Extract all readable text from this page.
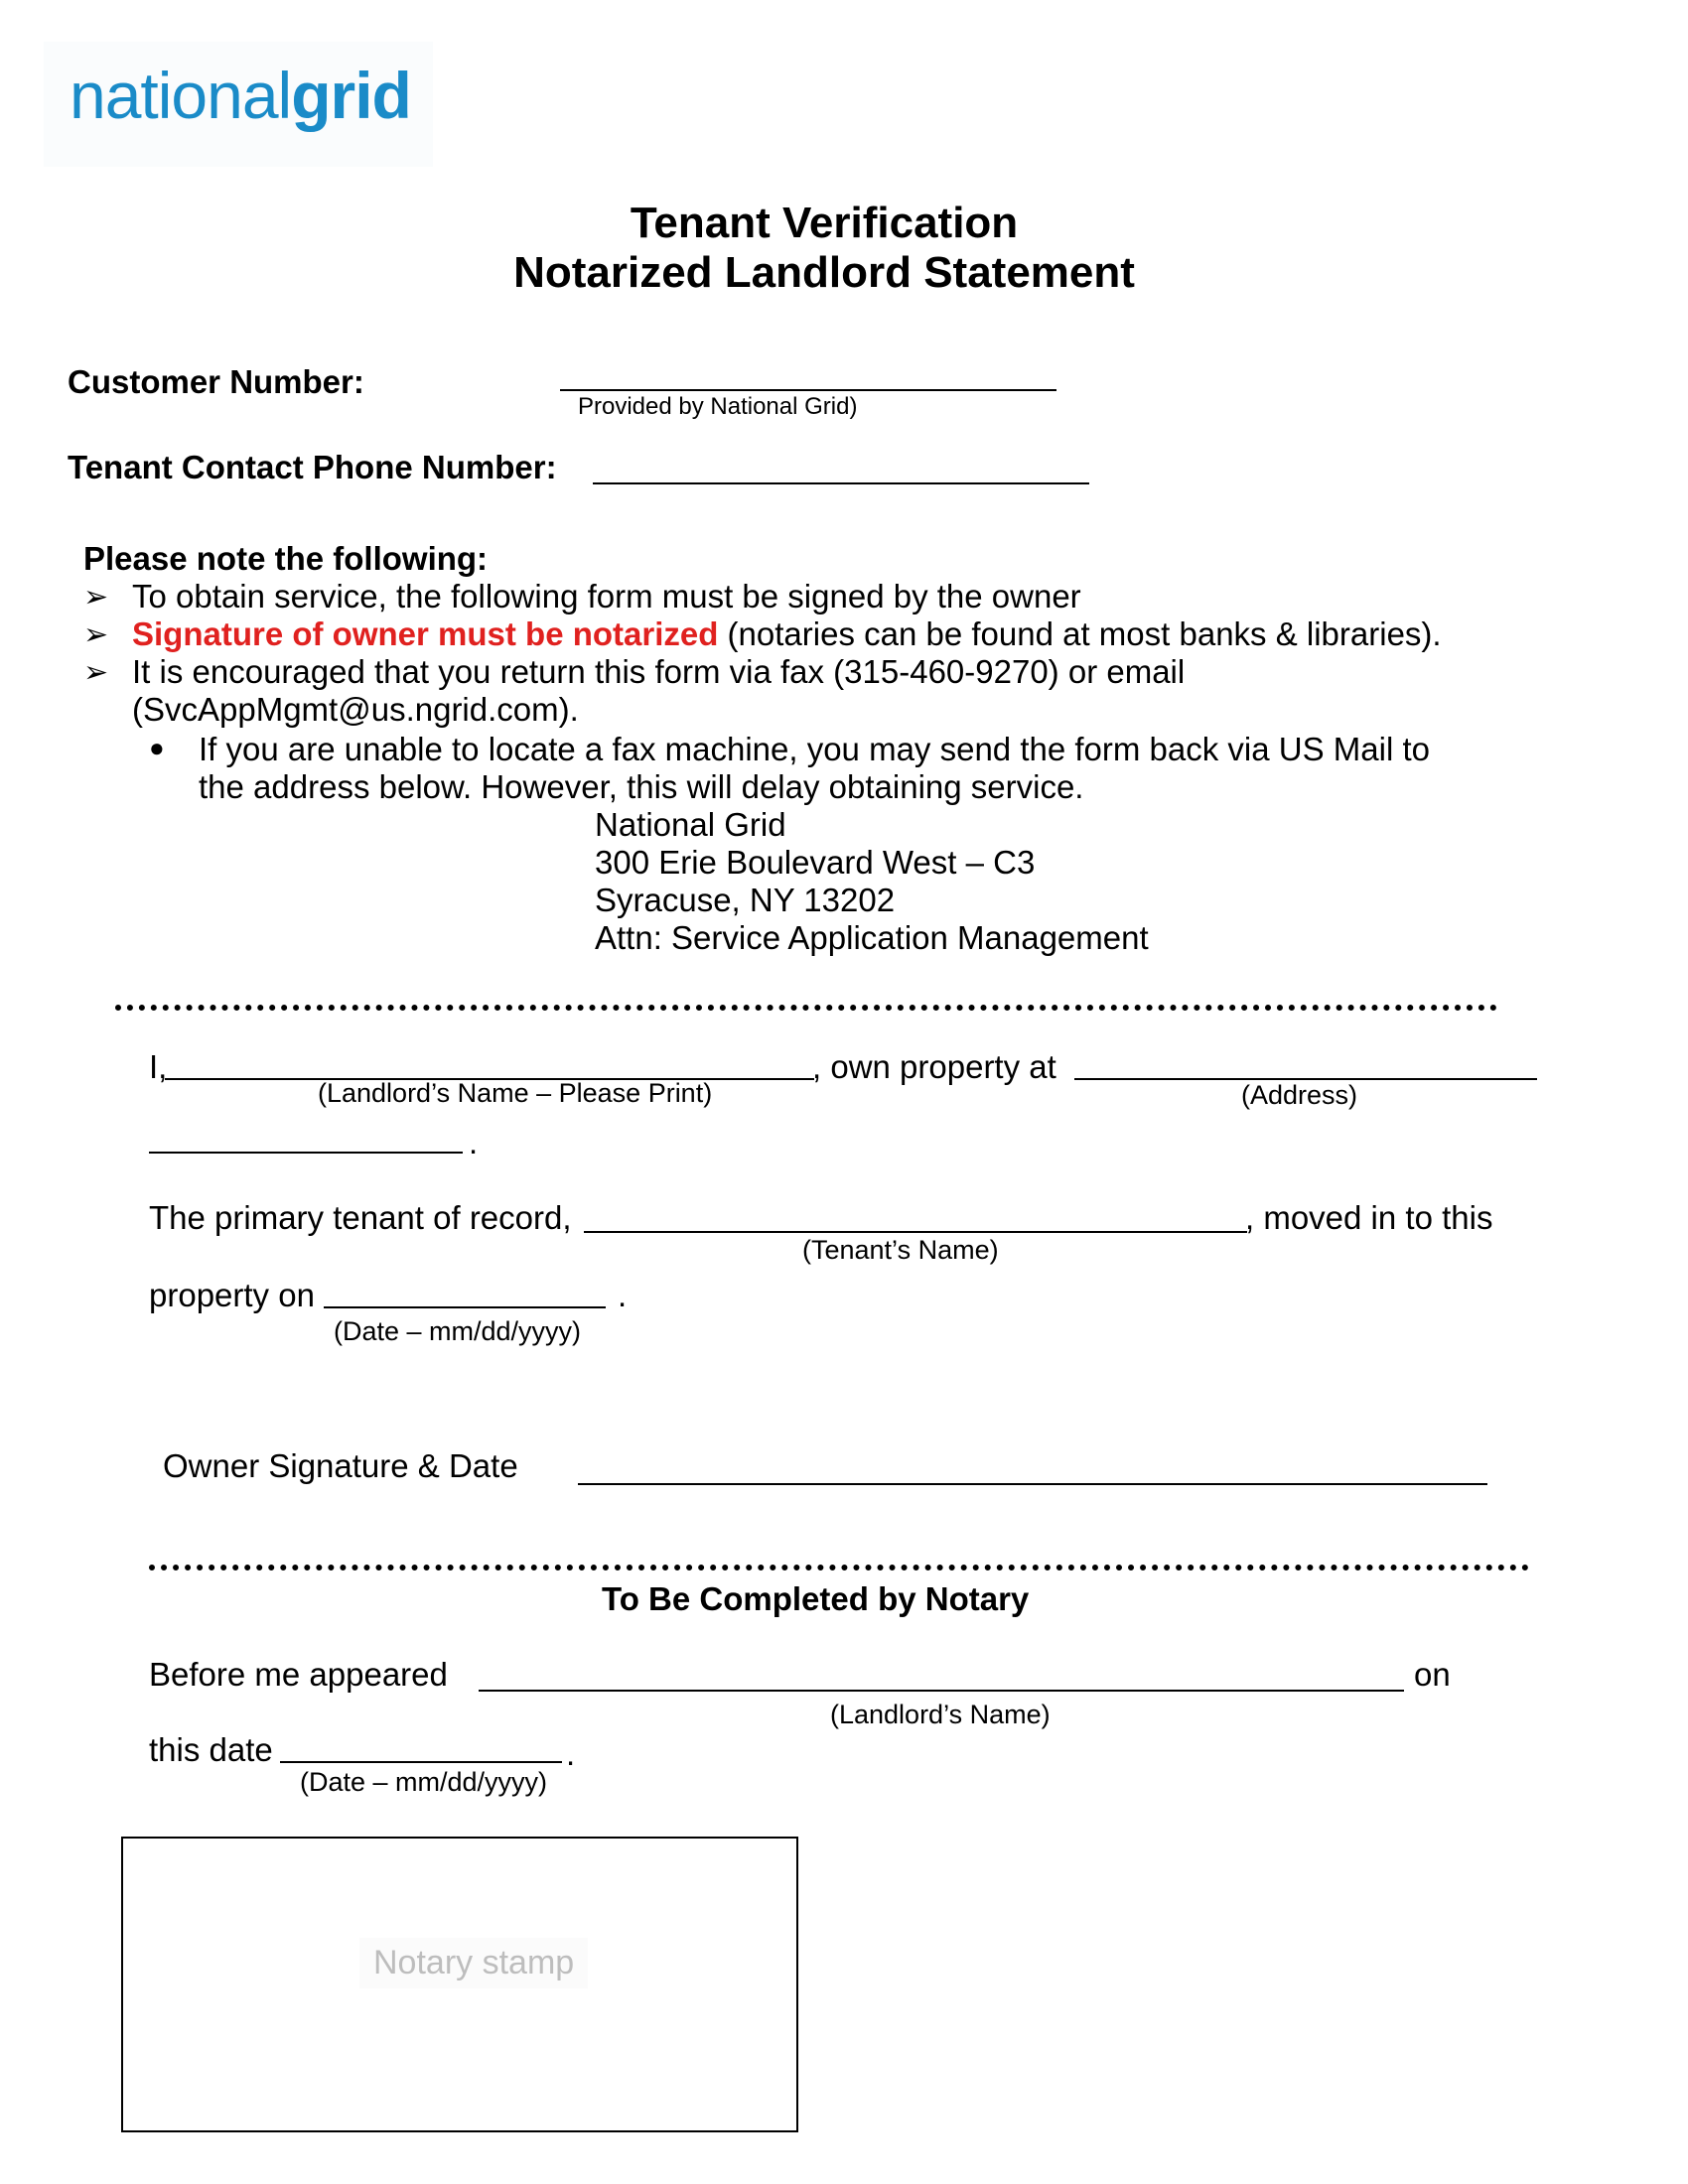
nationalgrid
Tenant Verification
Notarized Landlord Statement
Customer Number:
Provided by National Grid)
Tenant Contact Phone Number:
Please note the following:
➢ To obtain service, the following form must be signed by the owner
➢ Signature of owner must be notarized (notaries can be found at most banks & libraries).
➢ It is encouraged that you return this form via fax (315-460-9270) or email
(SvcAppMgmt@us.ngrid.com).
● If you are unable to locate a fax machine, you may send the form back via US Mail to
the address below. However, this will delay obtaining service.
National Grid
300 Erie Boulevard West – C3
Syracuse, NY 13202
Attn: Service Application Management
I,	, own property at
(Landlord’s Name – Please Print)	(Address)
.
The primary tenant of record,	, moved in to this
(Tenant’s Name)
property on	.
(Date – mm/dd/yyyy)
Owner Signature & Date
To Be Completed by Notary
Before me appeared	on
(Landlord’s Name)
this date	.
(Date – mm/dd/yyyy)
Notary stamp
